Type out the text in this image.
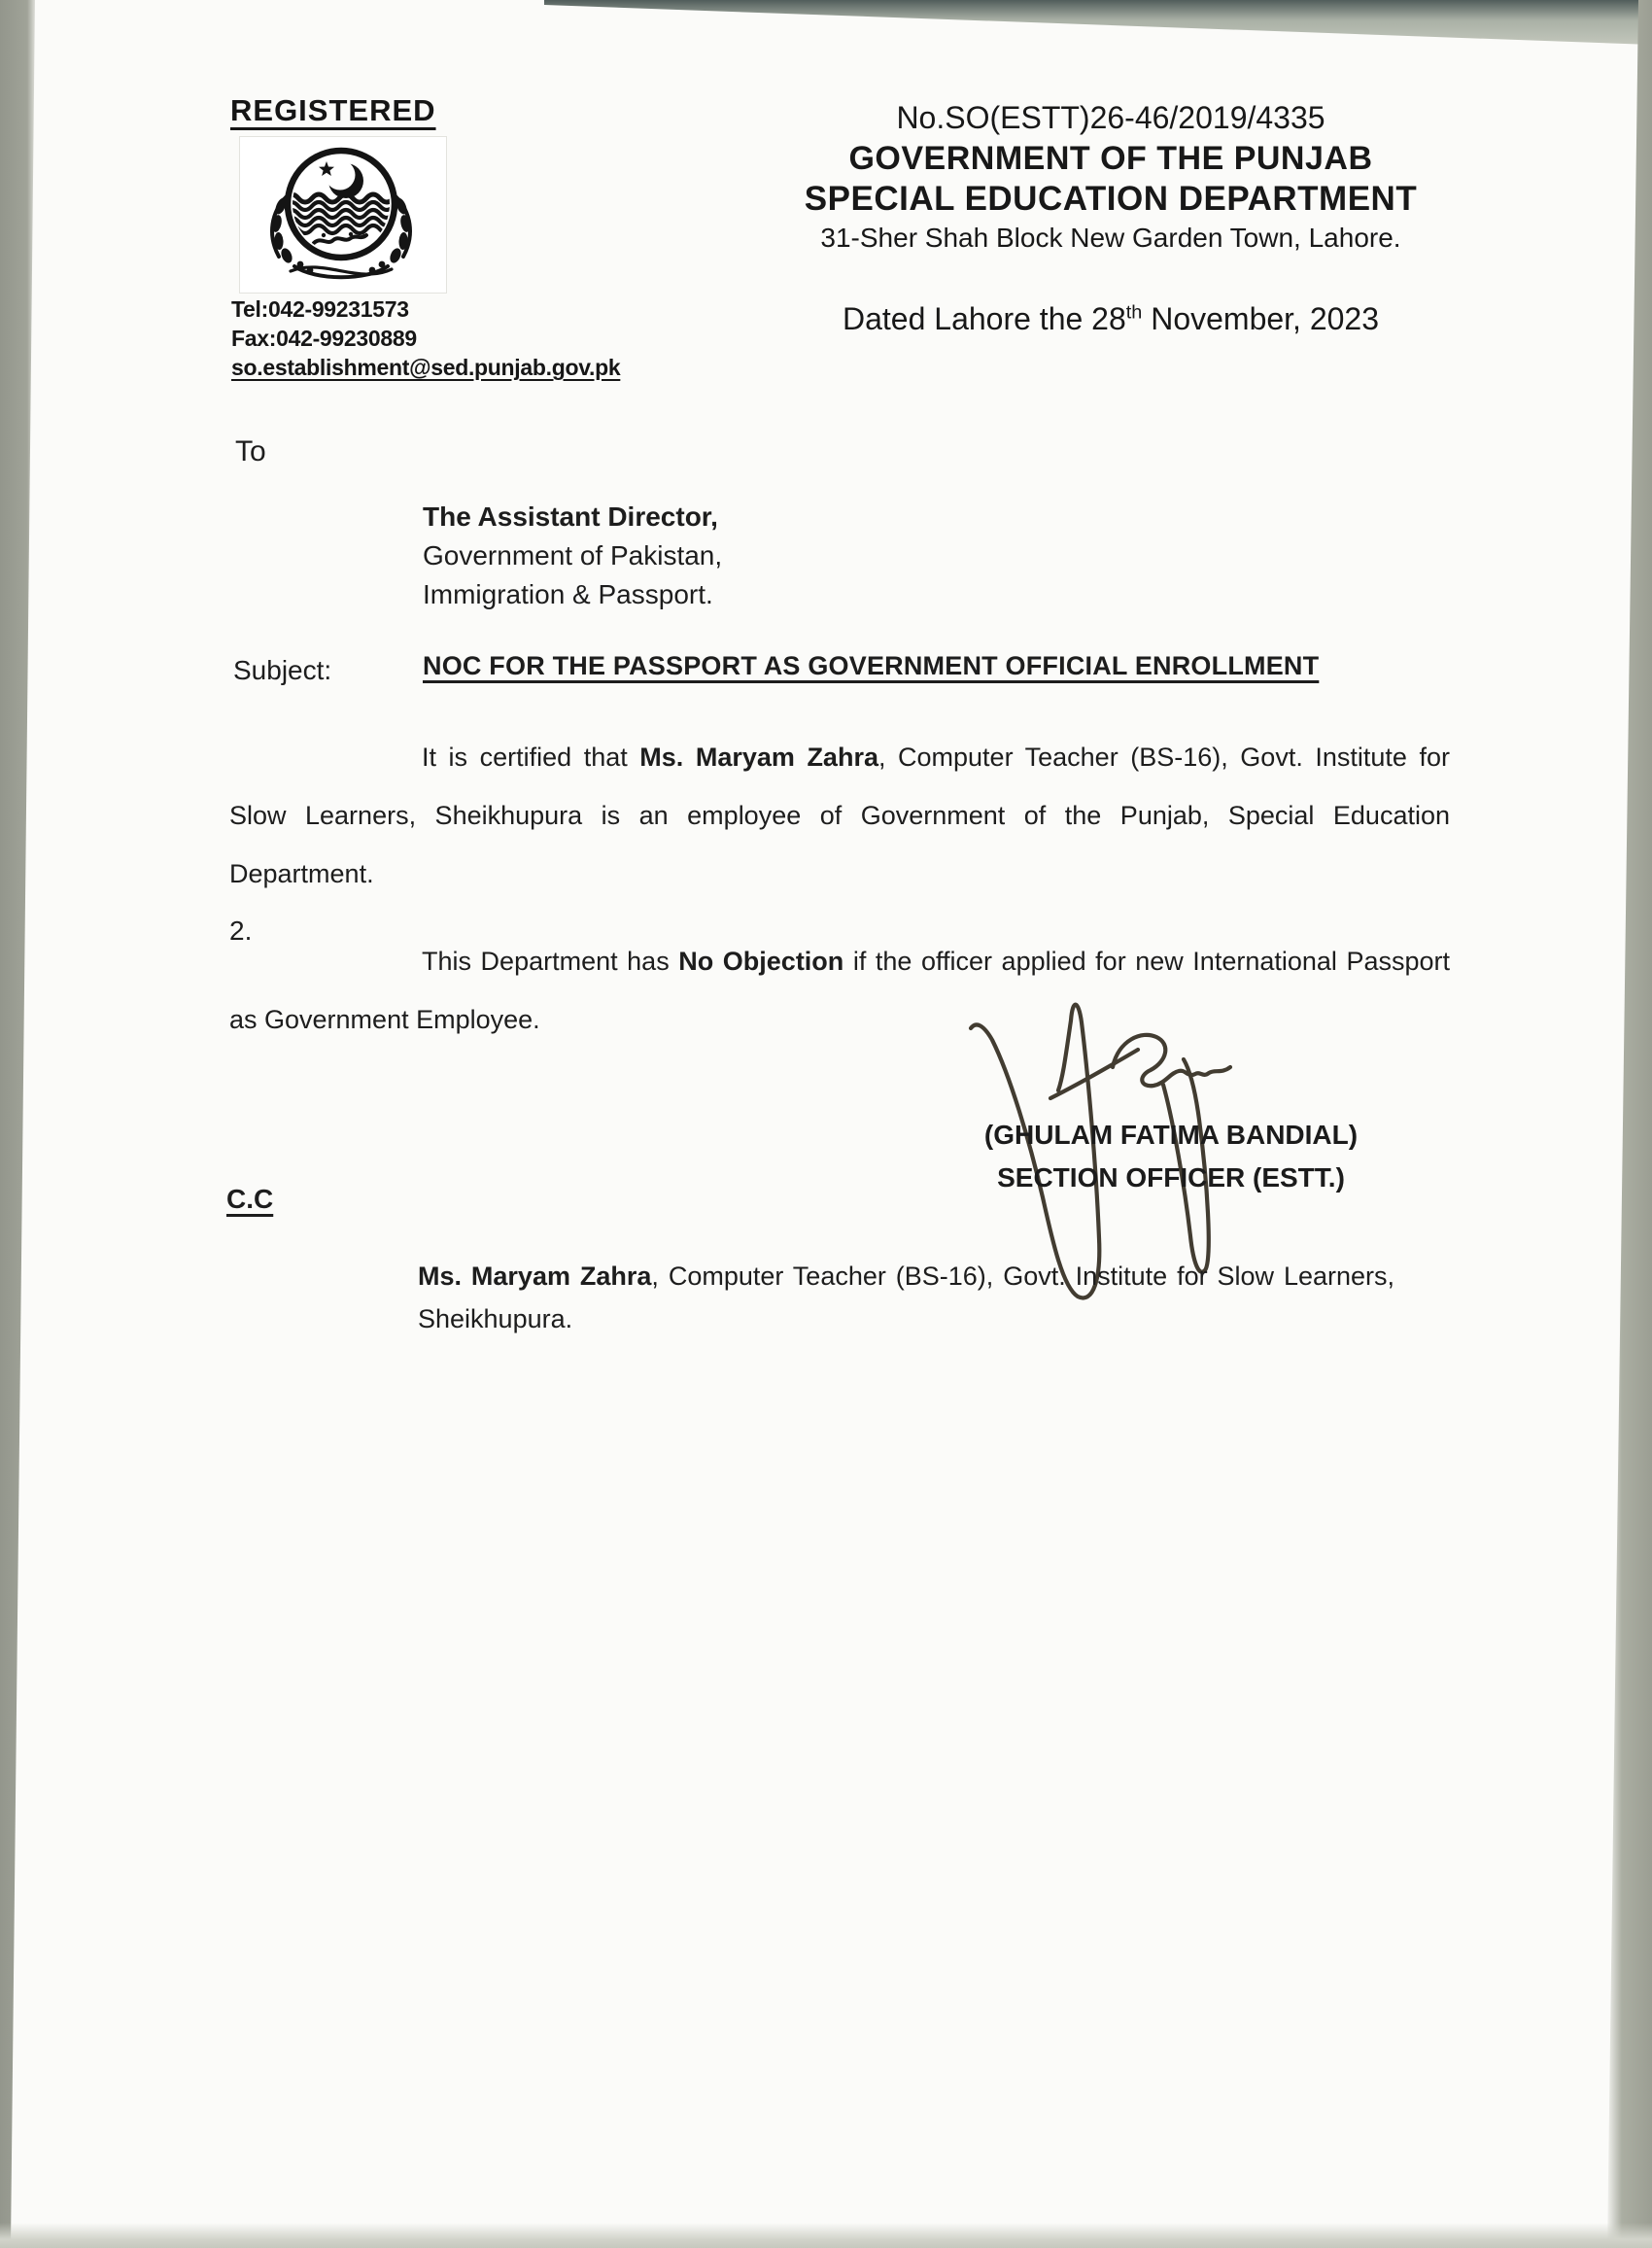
REGISTERED
Tel:042-99231573
Fax:042-99230889
so.establishment@sed.punjab.gov.pk
No.SO(ESTT)26-46/2019/4335
GOVERNMENT OF THE PUNJAB
SPECIAL EDUCATION DEPARTMENT
31-Sher Shah Block New Garden Town, Lahore.
Dated Lahore the 28th November, 2023
To
The Assistant Director,
Government of Pakistan,
Immigration & Passport.
Subject:	NOC FOR THE PASSPORT AS GOVERNMENT OFFICIAL ENROLLMENT

It is certified that Ms. Maryam Zahra, Computer Teacher (BS-16), Govt. Institute for Slow Learners, Sheikhupura is an employee of Government of the Punjab, Special Education Department.

2.

This Department has No Objection if the officer applied for new International Passport as Government Employee.

(GHULAM FATIMA BANDIAL)
SECTION OFFICER (ESTT.)
C.C

Ms. Maryam Zahra, Computer Teacher (BS-16), Govt. Institute for Slow Learners, Sheikhupura.
